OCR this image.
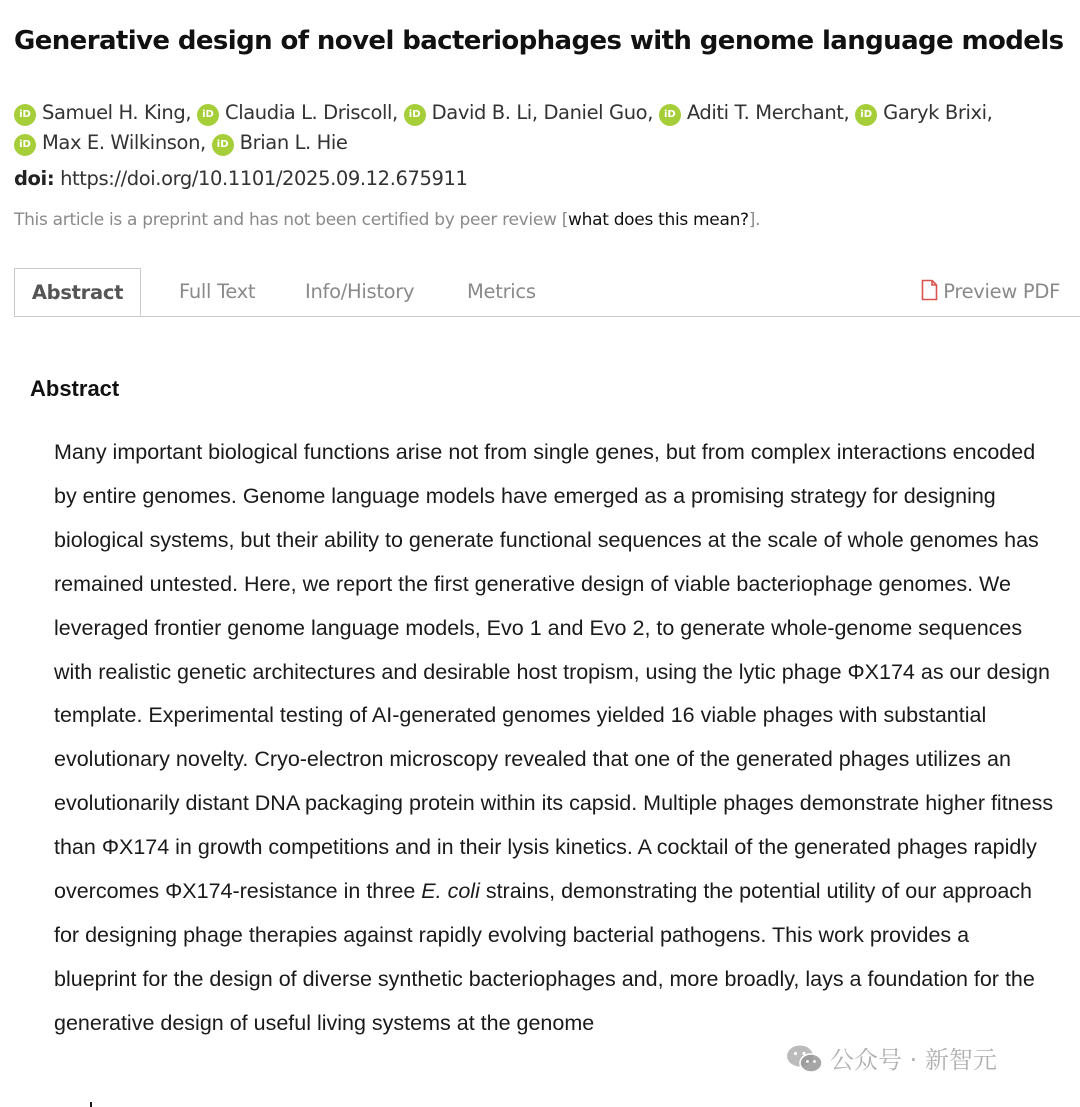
Generative design of novel bacteriophages with genome language models
iD Samuel H. King, iD Claudia L. Driscoll, iD David B. Li, Daniel Guo, iD Aditi T. Merchant, iD Garyk Brixi, iD Max E. Wilkinson, iD Brian L. Hie
doi: https://doi.org/10.1101/2025.09.12.675911
This article is a preprint and has not been certified by peer review [what does this mean?].
Abstract	Full Text	Info/History	Metrics	Preview PDF
Abstract

Many important biological functions arise not from single genes, but from complex interactions encoded by entire genomes. Genome language models have emerged as a promising strategy for designing biological systems, but their ability to generate functional sequences at the scale of whole genomes has remained untested. Here, we report the first generative design of viable bacteriophage genomes. We leveraged frontier genome language models, Evo 1 and Evo 2, to generate whole-genome sequences with realistic genetic architectures and desirable host tropism, using the lytic phage ΦX174 as our design template. Experimental testing of AI-generated genomes yielded 16 viable phages with substantial evolutionary novelty. Cryo-electron microscopy revealed that one of the generated phages utilizes an evolutionarily distant DNA packaging protein within its capsid. Multiple phages demonstrate higher fitness than ΦX174 in growth competitions and in their lysis kinetics. A cocktail of the generated phages rapidly overcomes ΦX174-resistance in three E. coli strains, demonstrating the potential utility of our approach for designing phage therapies against rapidly evolving bacterial pathogens. This work provides a blueprint for the design of diverse synthetic bacteriophages and, more broadly, lays a foundation for the generative design of useful living systems at the genome

公众号 · 新智元
